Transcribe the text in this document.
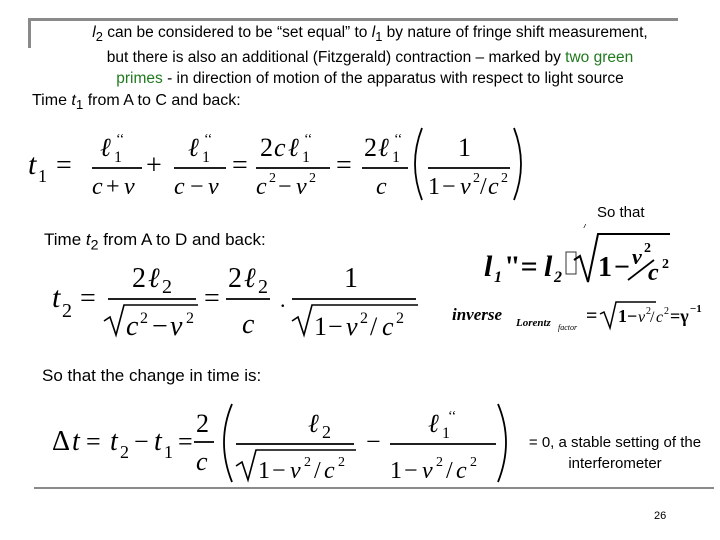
$l_2$ can be considered to be “set equal” to $l_1$ by nature of fringe shift measurement,
but there is also an additional (Fitzgerald) contraction – marked by two green
primes - in direction of motion of the apparatus with respect to light source
Time $t_1$ from A to C and back:
t 1 =
ℓ ‘‘
1
c + v
+
ℓ ‘‘
1
c − v
=
2 c ℓ ‘‘
1
c 2 − v 2 =
2 ℓ ‘‘
1
c
1
1 − v 2 / c 2
So that
Time $t_2$ from A to D and back:
t 2 =
2 ℓ 2
c 2 − v 2
=
2 ℓ 2
c
.
1
1 − v 2 / c 2
l 1 "= l 2
7
1 − v 2
c 2
inverse Lorentz factor
= 1− v 2 / c 2 =γ −1
So that the change in time is:
Δ t = t 2 − t 1 =
2
c
ℓ 2
1 − v 2 / c 2
−
ℓ 1
‘‘
1 − v 2 / c 2
= 0, a stable setting of the interferometer
26
